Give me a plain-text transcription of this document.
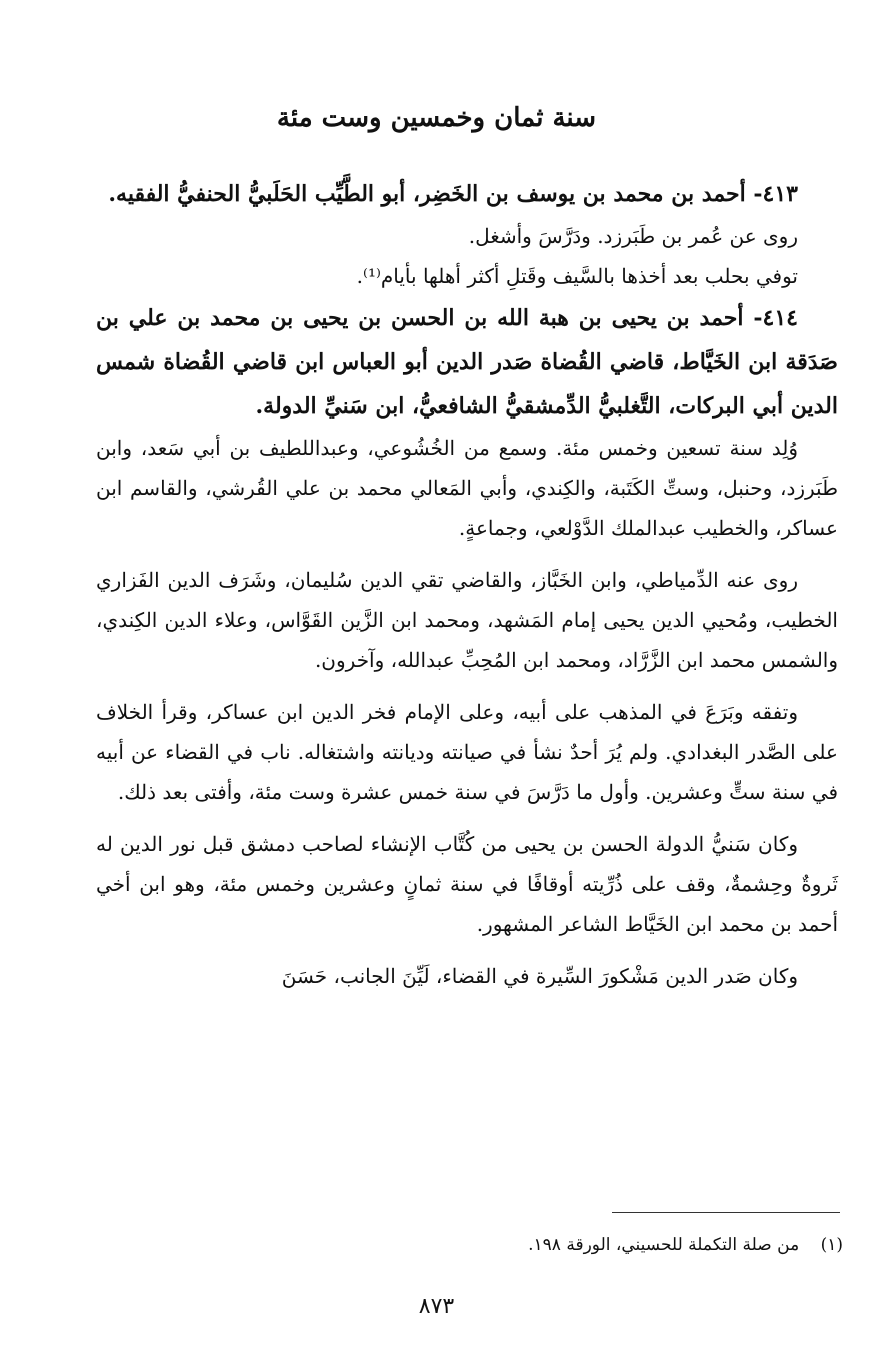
سنة ثمان وخمسين وست مئة

٤١٣- أحمد بن محمد بن يوسف بن الخَضِر، أبو الطَّيِّب الحَلَبيُّ الحنفيُّ الفقيه.

روى عن عُمر بن طَبَرزد. ودَرَّسَ وأشغل.

توفي بحلب بعد أخذها بالسَّيف وقَتلِ أكثر أهلها بأيام⁽¹⁾.

٤١٤- أحمد بن يحيى بن هبة الله بن الحسن بن يحيى بن محمد بن علي بن صَدَقة ابن الخَيَّاط، قاضي القُضاة صَدر الدين أبو العباس ابن قاضي القُضاة شمس الدين أبي البركات، التَّغلبيُّ الدِّمشقيُّ الشافعيُّ، ابن سَنيِّ الدولة.

وُلِد سنة تسعين وخمس مئة. وسمع من الخُشُوعي، وعبداللطيف بن أبي سَعد، وابن طَبَرزد، وحنبل، وستِّ الكَتَبة، والكِندي، وأبي المَعالي محمد بن علي القُرشي، والقاسم ابن عساكر، والخطيب عبدالملك الدَّوْلعي، وجماعةٍ.

روى عنه الدِّمياطي، وابن الخَبَّاز، والقاضي تقي الدين سُليمان، وشَرَف الدين الفَزاري الخطيب، ومُحيي الدين يحيى إمام المَشهد، ومحمد ابن الزَّين القَوَّاس، وعلاء الدين الكِندي، والشمس محمد ابن الزَّرَّاد، ومحمد ابن المُحِبِّ عبدالله، وآخرون.

وتفقه وبَرَعَ في المذهب على أبيه، وعلى الإمام فخر الدين ابن عساكر، وقرأ الخلاف على الصَّدر البغدادي. ولم يُرَ أحدٌ نشأ في صيانته وديانته واشتغاله. ناب في القضاء عن أبيه في سنة ستٍّ وعشرين. وأول ما دَرَّسَ في سنة خمس عشرة وست مئة، وأفتى بعد ذلك.

وكان سَنيُّ الدولة الحسن بن يحيى من كُتَّاب الإنشاء لصاحب دمشق قبل نور الدين له ثَروةٌ وحِشمةٌ، وقف على ذُرِّيته أوقافًا في سنة ثمانٍ وعشرين وخمس مئة، وهو ابن أخي أحمد بن محمد ابن الخَيَّاط الشاعر المشهور.

وكان صَدر الدين مَشْكورَ السِّيرة في القضاء، لَيِّنَ الجانب، حَسَنَ

(١) من صلة التكملة للحسيني، الورقة ١٩٨.
٨٧٣
